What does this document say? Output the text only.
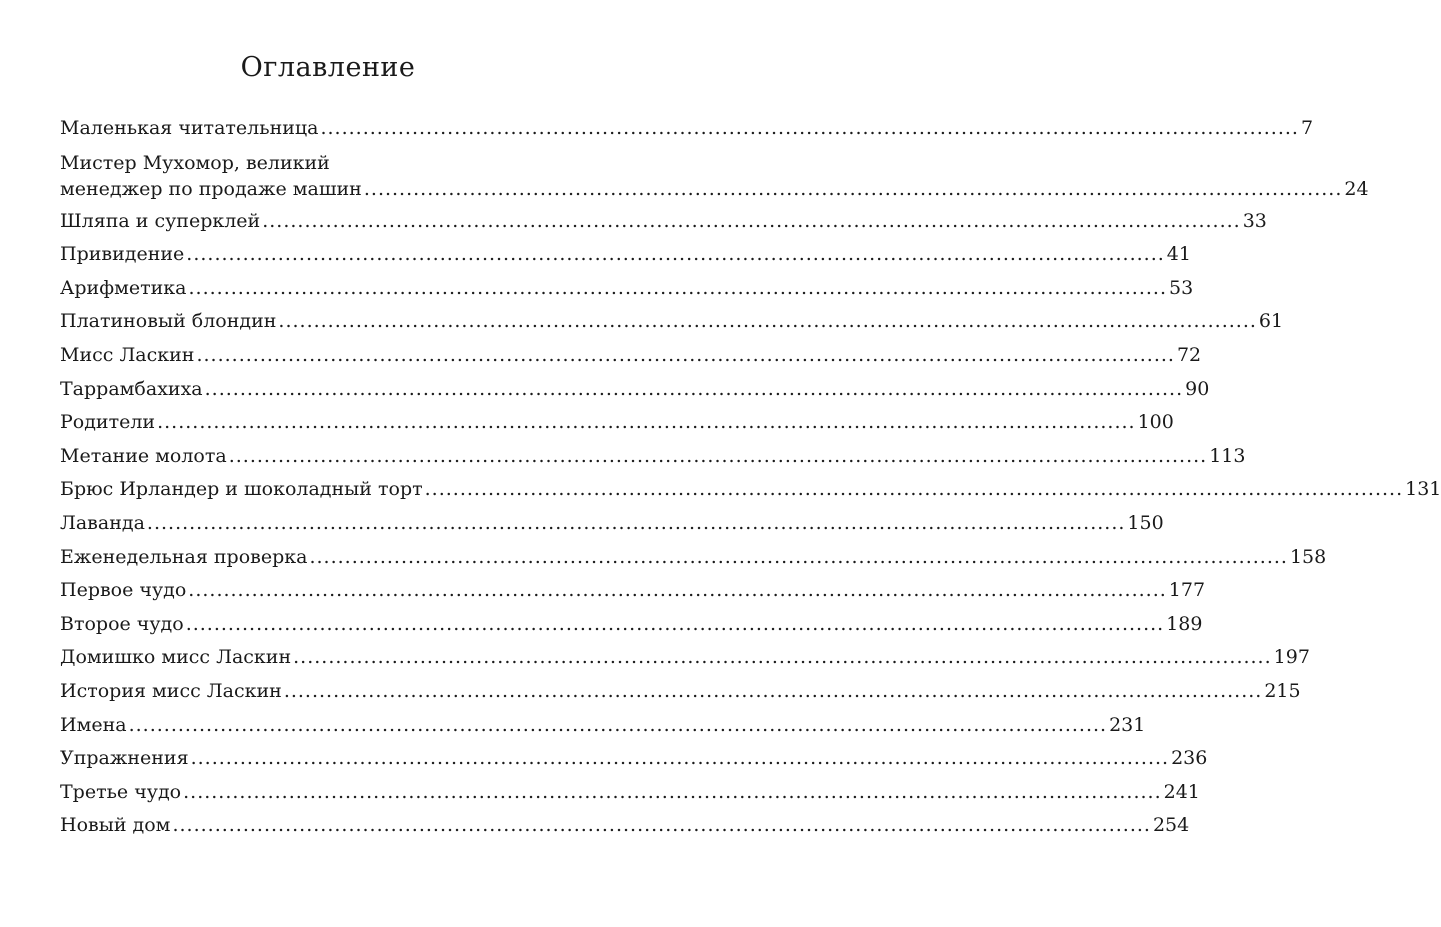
Оглавление
Маленькая читательница ........................................................................................................................................... 7
Мистер Мухомор, великий
менеджер по продаже машин ........................................................................................................................................... 24
Шляпа и суперклей ........................................................................................................................................... 33
Привидение ........................................................................................................................................... 41
Арифметика ........................................................................................................................................... 53
Платиновый блондин ........................................................................................................................................... 61
Мисс Ласкин ........................................................................................................................................... 72
Таррамбахиха ........................................................................................................................................... 90
Родители ........................................................................................................................................... 100
Метание молота ........................................................................................................................................... 113
Брюс Ирландер и шоколадный торт ........................................................................................................................................... 131
Лаванда ........................................................................................................................................... 150
Еженедельная проверка ........................................................................................................................................... 158
Первое чудо ........................................................................................................................................... 177
Второе чудо ........................................................................................................................................... 189
Домишко мисс Ласкин ........................................................................................................................................... 197
История мисс Ласкин ........................................................................................................................................... 215
Имена ........................................................................................................................................... 231
Упражнения ........................................................................................................................................... 236
Третье чудо ........................................................................................................................................... 241
Новый дом ........................................................................................................................................... 254
